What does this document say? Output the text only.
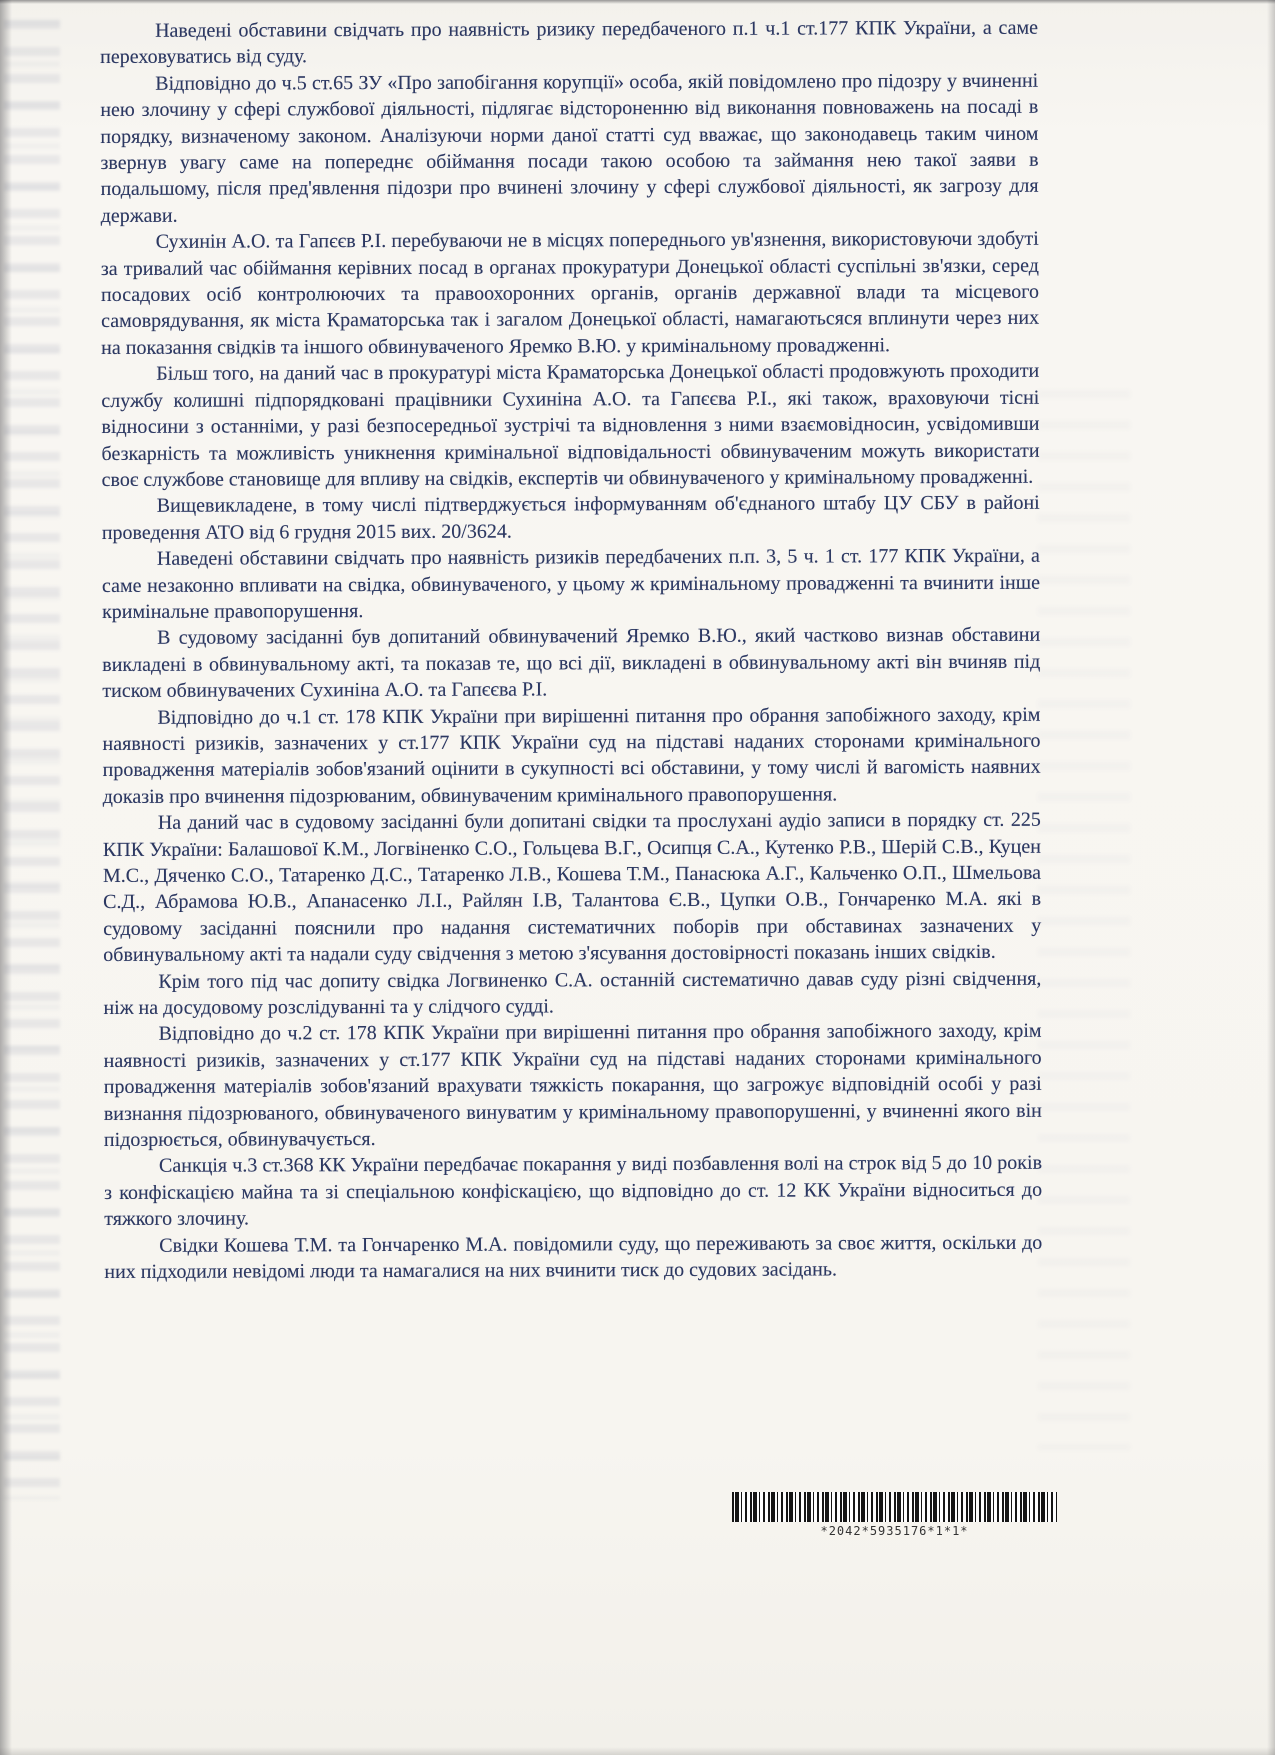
Наведені обставини свідчать про наявність ризику передбаченого п.1 ч.1 ст.177 КПК України, а саме переховуватись від суду.

Відповідно до ч.5 ст.65 ЗУ «Про запобігання корупції» особа, якій повідомлено про підозру у вчиненні нею злочину у сфері службової діяльності, підлягає відстороненню від виконання повноважень на посаді в порядку, визначеному законом. Аналізуючи норми даної статті суд вважає, що законодавець таким чином звернув увагу саме на попереднє обіймання посади такою особою та займання нею такої заяви в подальшому, після пред'явлення підозри про вчинені злочину у сфері службової діяльності, як загрозу для держави.

Сухинін А.О. та Гапєєв Р.І. перебуваючи не в місцях попереднього ув'язнення, використовуючи здобуті за тривалий час обіймання керівних посад в органах прокуратури Донецької області суспільні зв'язки, серед посадових осіб контролюючих та правоохоронних органів, органів державної влади та місцевого самоврядування, як міста Краматорська так і загалом Донецької області, намагаютьсяся вплинути через них на показання свідків та іншого обвинуваченого Яремко В.Ю. у кримінальному провадженні.

Більш того, на даний час в прокуратурі міста Краматорська Донецької області продовжують проходити службу колишні підпорядковані працівники Сухиніна А.О. та Гапєєва Р.І., які також, враховуючи тісні відносини з останніми, у разі безпосередньої зустрічі та відновлення з ними взаємовідносин, усвідомивши безкарність та можливість уникнення кримінальної відповідальності обвинуваченим можуть використати своє службове становище для впливу на свідків, експертів чи обвинуваченого у кримінальному провадженні.

Вищевикладене, в тому числі підтверджується інформуванням об'єднаного штабу ЦУ СБУ в районі проведення АТО від 6 грудня 2015 вих. 20/3624.

Наведені обставини свідчать про наявність ризиків передбачених п.п. 3, 5 ч. 1 ст. 177 КПК України, а саме незаконно впливати на свідка, обвинуваченого, у цьому ж кримінальному провадженні та вчинити інше кримінальне правопорушення.

В судовому засіданні був допитаний обвинувачений Яремко В.Ю., який частково визнав обставини викладені в обвинувальному акті, та показав те, що всі дії, викладені в обвинувальному акті він вчиняв під тиском обвинувачених Сухиніна А.О. та Гапєєва Р.І.

Відповідно до ч.1 ст. 178 КПК України при вирішенні питання про обрання запобіжного заходу, крім наявності ризиків, зазначених у ст.177 КПК України суд на підставі наданих сторонами кримінального провадження матеріалів зобов'язаний оцінити в сукупності всі обставини, у тому числі й вагомість наявних доказів про вчинення підозрюваним, обвинуваченим кримінального правопорушення.

На даний час в судовому засіданні були допитані свідки та прослухані аудіо записи в порядку ст. 225 КПК України: Балашової К.М., Логвіненко С.О., Гольцева В.Г., Осипця С.А., Кутенко Р.В., Шерій С.В., Куцен М.С., Дяченко С.О., Татаренко Д.С., Татаренко Л.В., Кошева Т.М., Панасюка А.Г., Кальченко О.П., Шмельова С.Д., Абрамова Ю.В., Апанасенко Л.І., Райлян І.В, Талантова Є.В., Цупки О.В., Гончаренко М.А. які в судовому засіданні пояснили про надання систематичних поборів при обставинах зазначених у обвинувальному акті та надали суду свідчення з метою з'ясування достовірності показань інших свідків.

Крім того під час допиту свідка Логвиненко С.А. останній систематично давав суду різні свідчення, ніж на досудовому розслідуванні та у слідчого судді.

Відповідно до ч.2 ст. 178 КПК України при вирішенні питання про обрання запобіжного заходу, крім наявності ризиків, зазначених у ст.177 КПК України суд на підставі наданих сторонами кримінального провадження матеріалів зобов'язаний врахувати тяжкість покарання, що загрожує відповідній особі у разі визнання підозрюваного, обвинуваченого винуватим у кримінальному правопорушенні, у вчиненні якого він підозрюється, обвинувачується.

Санкція ч.3 ст.368 КК України передбачає покарання у виді позбавлення волі на строк від 5 до 10 років з конфіскацією майна та зі спеціальною конфіскацією, що відповідно до ст. 12 КК України відноситься до тяжкого злочину.

Свідки Кошева Т.М. та Гончаренко М.А. повідомили суду, що переживають за своє життя, оскільки до них підходили невідомі люди та намагалися на них вчинити тиск до судових засідань.

*2042*5935176*1*1*
